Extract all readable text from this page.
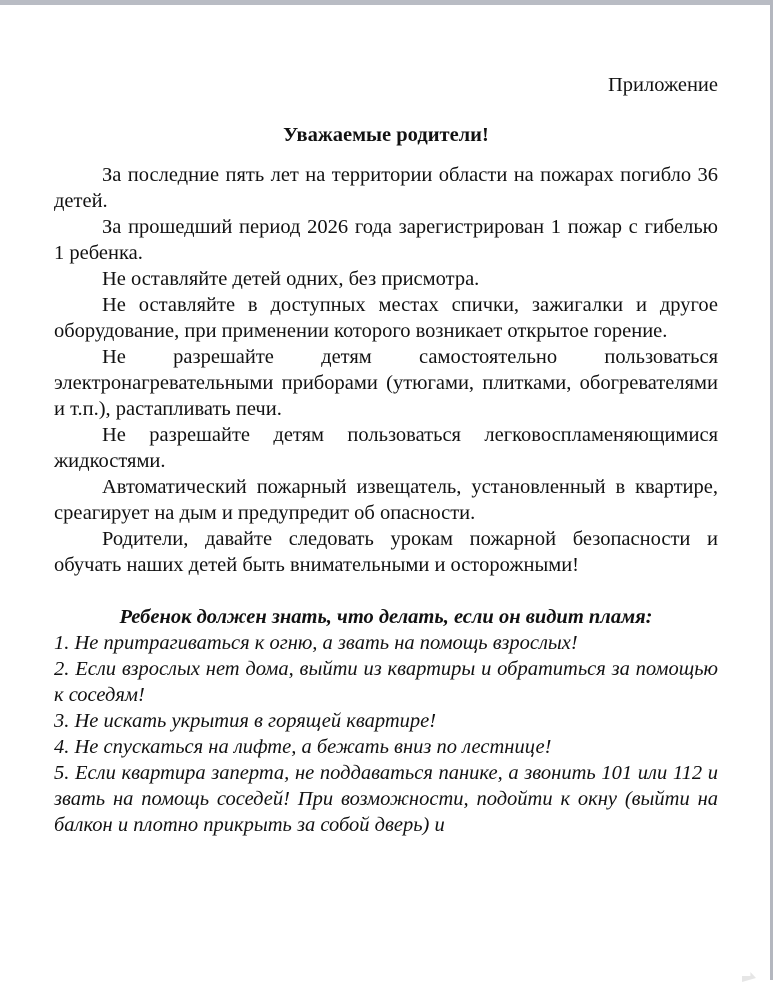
Приложение

Уважаемые родители!

За последние пять лет на территории области на пожарах погибло 36 детей.

За прошедший период 2026 года зарегистрирован 1 пожар с гибелью 1 ребенка.

Не оставляйте детей одних, без присмотра.

Не оставляйте в доступных местах спички, зажигалки и другое оборудование, при применении которого возникает открытое горение.

Не разрешайте детям самостоятельно пользоваться электронагревательными приборами (утюгами, плитками, обогревателями и т.п.), растапливать печи.

Не разрешайте детям пользоваться легковоспламеняющимися жидкостями.

Автоматический пожарный извещатель, установленный в квартире, среагирует на дым и предупредит об опасности.

Родители, давайте следовать урокам пожарной безопасности и обучать наших детей быть внимательными и осторожными!

Ребенок должен знать, что делать, если он видит пламя:

1. Не притрагиваться к огню, а звать на помощь взрослых!

2. Если взрослых нет дома, выйти из квартиры и обратиться за помощью к соседям!

3. Не искать укрытия в горящей квартире!

4. Не спускаться на лифте, а бежать вниз по лестнице!

5. Если квартира заперта, не поддаваться панике, а звонить 101 или 112 и звать на помощь соседей! При возможности, подойти к окну (выйти на балкон и плотно прикрыть за собой дверь) и
